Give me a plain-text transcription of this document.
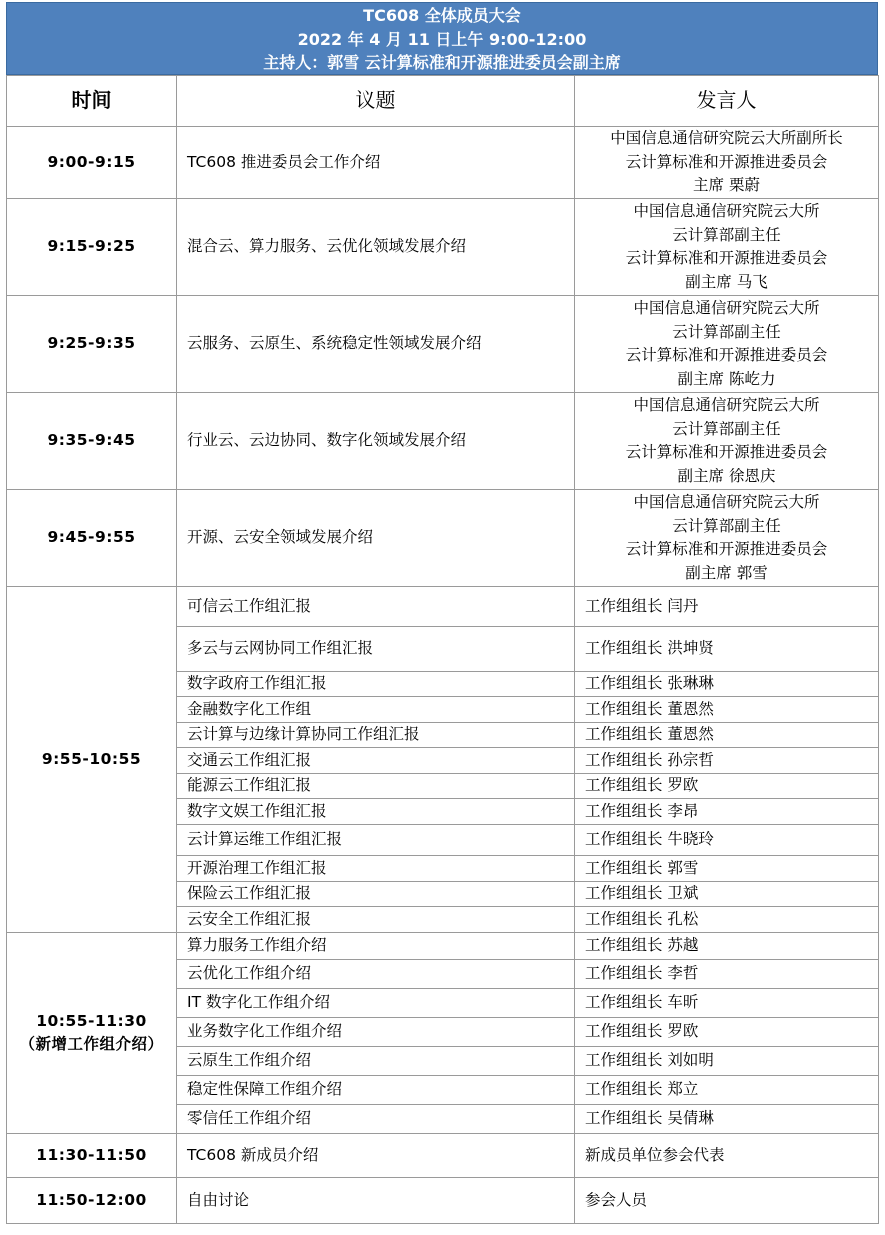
TC608 全体成员大会
2022 年 4 月 11 日上午 9:00-12:00
主持人：郭雪 云计算标准和开源推进委员会副主席
时间	议题	发言人
9:00-9:15	TC608 推进委员会工作介绍	中国信息通信研究院云大所副所长
云计算标准和开源推进委员会
主席 栗蔚

9:15-9:25	混合云、算力服务、云优化领域发展介绍	中国信息通信研究院云大所
云计算部副主任
云计算标准和开源推进委员会
副主席 马飞

9:25-9:35	云服务、云原生、系统稳定性领域发展介绍	中国信息通信研究院云大所
云计算部副主任
云计算标准和开源推进委员会
副主席 陈屹力

9:35-9:45	行业云、云边协同、数字化领域发展介绍	中国信息通信研究院云大所
云计算部副主任
云计算标准和开源推进委员会
副主席 徐恩庆

9:45-9:55	开源、云安全领域发展介绍	中国信息通信研究院云大所
云计算部副主任
云计算标准和开源推进委员会
副主席 郭雪

9:55-10:55	可信云工作组汇报	工作组组长 闫丹
	多云与云网协同工作组汇报	工作组组长 洪坤贤
	数字政府工作组汇报	工作组组长 张琳琳
	金融数字化工作组	工作组组长 董恩然
	云计算与边缘计算协同工作组汇报	工作组组长 董恩然
	交通云工作组汇报	工作组组长 孙宗哲
	能源云工作组汇报	工作组组长 罗欧
	数字文娱工作组汇报	工作组组长 李昂
	云计算运维工作组汇报	工作组组长 牛晓玲
	开源治理工作组汇报	工作组组长 郭雪
	保险云工作组汇报	工作组组长 卫斌
	云安全工作组汇报	工作组组长 孔松

10:55-11:30
（新增工作组介绍）	算力服务工作组介绍	工作组组长 苏越
	云优化工作组介绍	工作组组长 李哲
	IT 数字化工作组介绍	工作组组长 车昕
	业务数字化工作组介绍	工作组组长 罗欧
	云原生工作组介绍	工作组组长 刘如明
	稳定性保障工作组介绍	工作组组长 郑立
	零信任工作组介绍	工作组组长 吴倩琳
11:30-11:50	TC608 新成员介绍	新成员单位参会代表
11:50-12:00	自由讨论	参会人员
